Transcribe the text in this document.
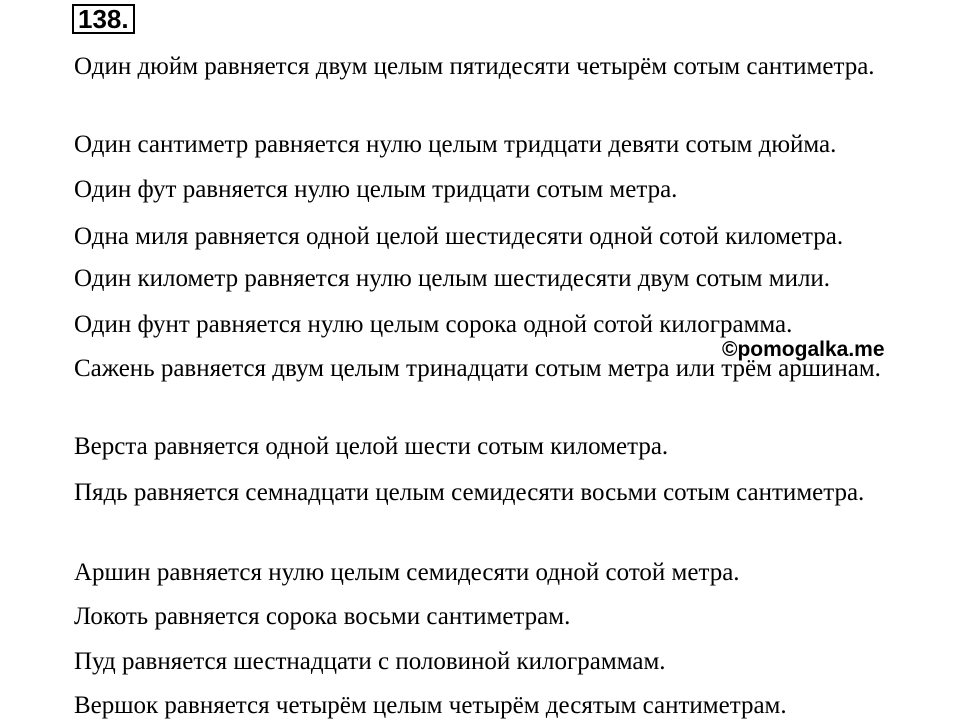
138.
Один дюйм равняется двум целым пятидесяти четырём сотым сантиметра.
Один сантиметр равняется нулю целым тридцати девяти сотым дюйма.
Один фут равняется нулю целым тридцати сотым метра.
Одна миля равняется одной целой шестидесяти одной сотой километра.
Один километр равняется нулю целым шестидесяти двум сотым мили.
Один фунт равняется нулю целым сорока одной сотой килограмма.
Сажень равняется двум целым тринадцати сотым метра или трём аршинам.
Верста равняется одной целой шести сотым километра.
Пядь равняется семнадцати целым семидесяти восьми сотым сантиметра.
Аршин равняется нулю целым семидесяти одной сотой метра.
Локоть равняется сорока восьми сантиметрам.
Пуд равняется шестнадцати с половиной килограммам.
Вершок равняется четырём целым четырём десятым сантиметрам.
©pomogalka.me
